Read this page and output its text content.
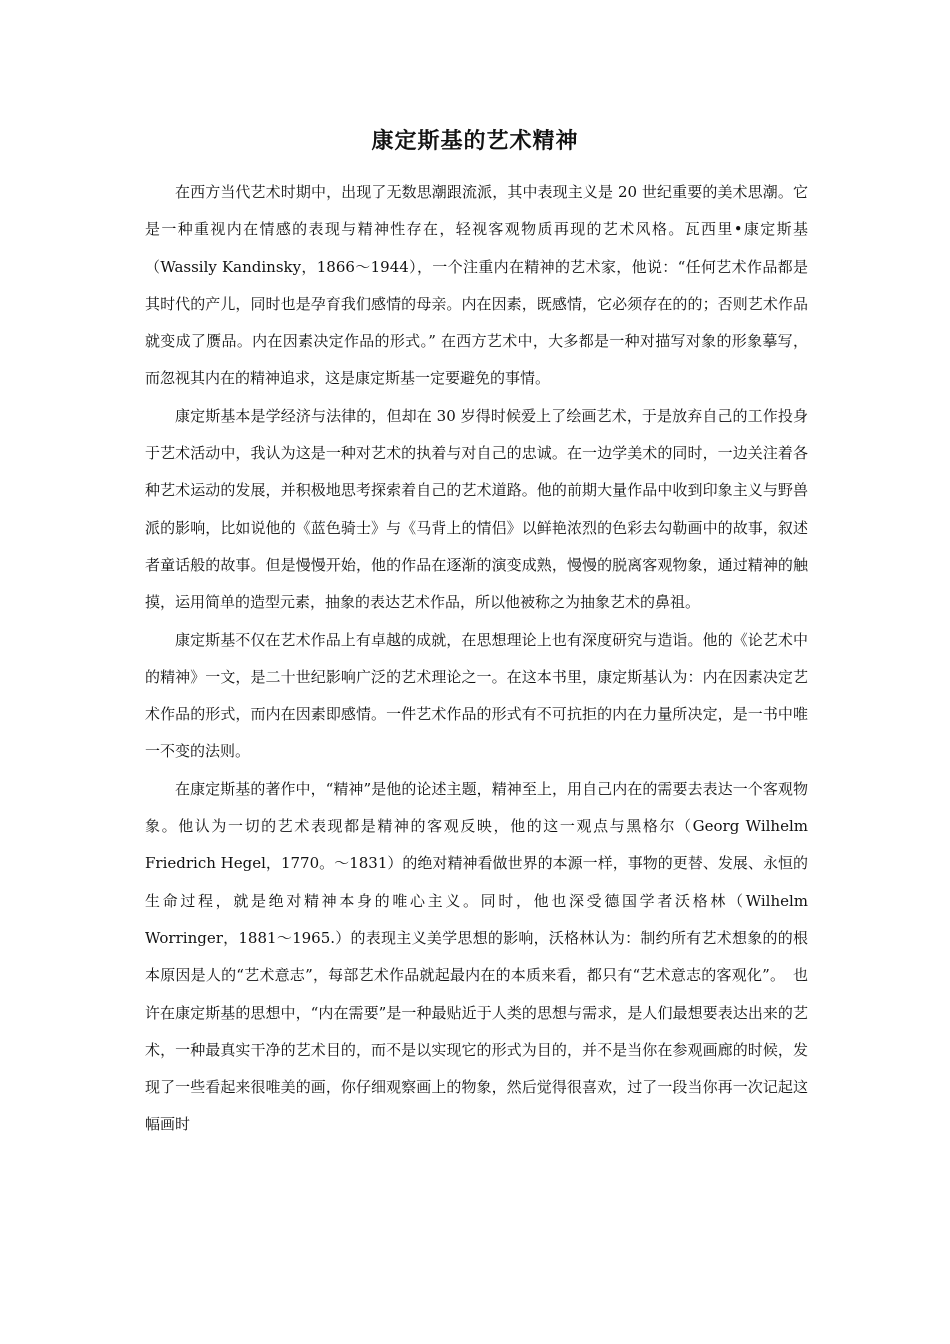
康定斯基的艺术精神

在西方当代艺术时期中，出现了无数思潮跟流派，其中表现主义是 20 世纪重要的美术思潮。它是一种重视内在情感的表现与精神性存在，轻视客观物质再现的艺术风格。瓦西里•康定斯基（Wassily Kandinsky，1866～1944），一个注重内在精神的艺术家，他说：“任何艺术作品都是其时代的产儿，同时也是孕育我们感情的母亲。内在因素，既感情，它必须存在的的；否则艺术作品就变成了赝品。内在因素决定作品的形式。” 在西方艺术中，大多都是一种对描写对象的形象摹写，而忽视其内在的精神追求，这是康定斯基一定要避免的事情。

康定斯基本是学经济与法律的，但却在 30 岁得时候爱上了绘画艺术，于是放弃自己的工作投身于艺术活动中，我认为这是一种对艺术的执着与对自己的忠诚。在一边学美术的同时，一边关注着各种艺术运动的发展，并积极地思考探索着自己的艺术道路。他的前期大量作品中收到印象主义与野兽派的影响，比如说他的《蓝色骑士》与《马背上的情侣》以鲜艳浓烈的色彩去勾勒画中的故事，叙述者童话般的故事。但是慢慢开始，他的作品在逐渐的演变成熟，慢慢的脱离客观物象，通过精神的触摸，运用简单的造型元素，抽象的表达艺术作品，所以他被称之为抽象艺术的鼻祖。

康定斯基不仅在艺术作品上有卓越的成就，在思想理论上也有深度研究与造诣。他的《论艺术中的精神》一文，是二十世纪影响广泛的艺术理论之一。在这本书里，康定斯基认为：内在因素决定艺术作品的形式，而内在因素即感情。一件艺术作品的形式有不可抗拒的内在力量所决定，是一书中唯一不变的法则。

在康定斯基的著作中，“精神”是他的论述主题，精神至上，用自己内在的需要去表达一个客观物象。他认为一切的艺术表现都是精神的客观反映，他的这一观点与黑格尔（Georg Wilhelm Friedrich Hegel，1770。～1831）的绝对精神看做世界的本源一样，事物的更替、发展、永恒的生命过程，就是绝对精神本身的唯心主义。同时，他也深受德国学者沃格林（Wilhelm Worringer，1881～1965.）的表现主义美学思想的影响，沃格林认为：制约所有艺术想象的的根本原因是人的“艺术意志”，每部艺术作品就起最内在的本质来看，都只有“艺术意志的客观化”。　也许在康定斯基的思想中，“内在需要”是一种最贴近于人类的思想与需求，是人们最想要表达出来的艺术，一种最真实干净的艺术目的，而不是以实现它的形式为目的，并不是当你在参观画廊的时候，发现了一些看起来很唯美的画，你仔细观察画上的物象，然后觉得很喜欢，过了一段当你再一次记起这幅画时
